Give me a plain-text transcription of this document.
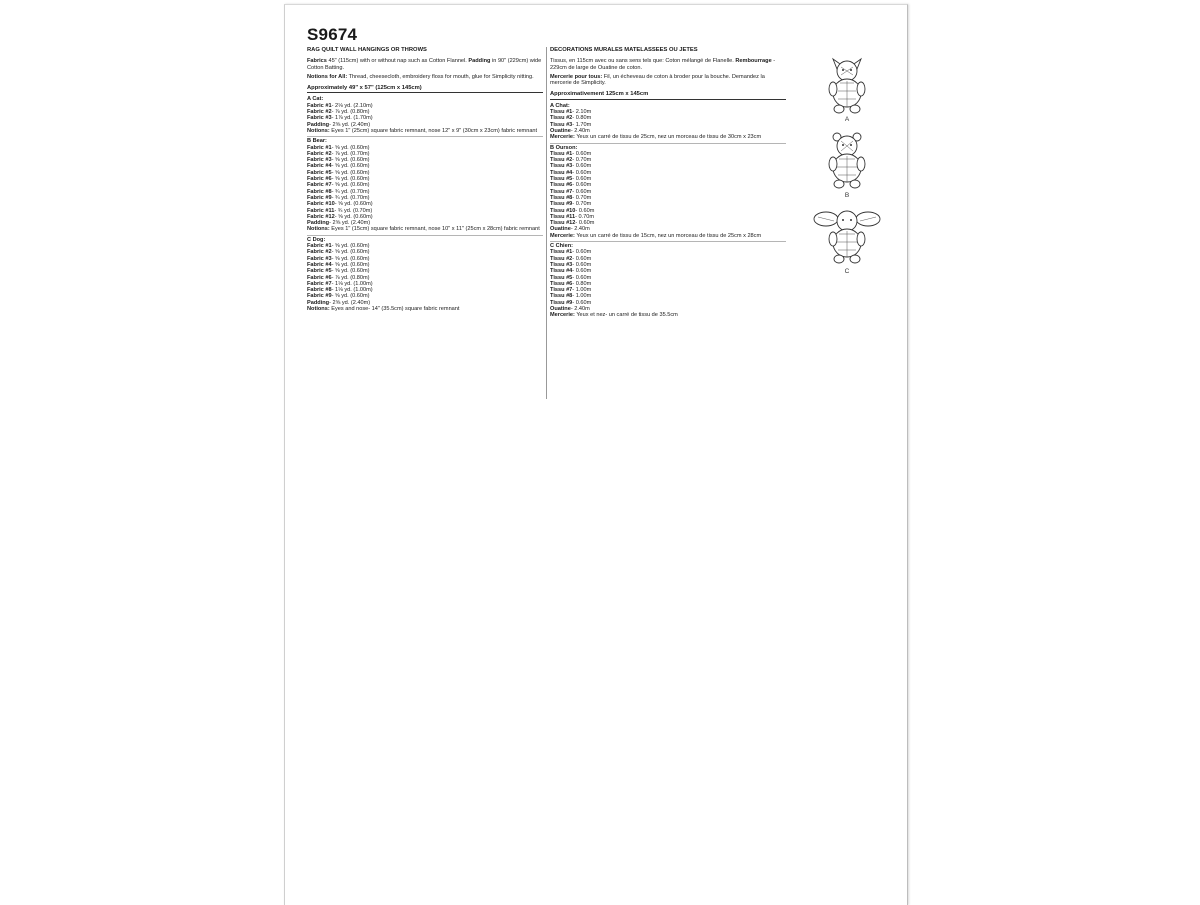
S9674
RAG QUILT WALL HANGINGS OR THROWS
Fabrics 45" (115cm) with or without nap such as Cotton Flannel. Padding in 90" (229cm) wide Cotton Batting.
Notions for All: Thread, cheesecloth, embroidery floss for mouth, glue for Simplicity nitting.
Approximately 49" x 57" (125cm x 145cm)
A Cat:
Fabric #1- 2⅛ yd. (2.10m)
Fabric #2- ⅞ yd. (0.80m)
Fabric #3- 1⅞ yd. (1.70m)
Padding- 2⅝ yd. (2.40m)
Notions: Eyes 1" (25cm) square fabric remnant, nose 12" x 9" (30cm x 23cm) fabric remnant
B Bear:
Fabric #1- ⅝ yd. (0.60m)
Fabric #2- ⅞ yd. (0.70m)
Fabric #3- ⅝ yd. (0.60m)
Fabric #4- ⅝ yd. (0.60m)
Fabric #5- ⅝ yd. (0.60m)
Fabric #6- ⅝ yd. (0.60m)
Fabric #7- ⅝ yd. (0.60m)
Fabric #8- ¾ yd. (0.70m)
Fabric #9- ¾ yd. (0.70m)
Fabric #10- ⅝ yd. (0.60m)
Fabric #11- ¾ yd. (0.70m)
Fabric #12- ⅝ yd. (0.60m)
Padding- 2⅝ yd. (2.40m)
Notions: Eyes 1" (15cm) square fabric remnant, nose 10" x 11" (25cm x 28cm) fabric remnant
C Dog:
Fabric #1- ⅝ yd. (0.60m)
Fabric #2- ⅝ yd. (0.60m)
Fabric #3- ⅝ yd. (0.60m)
Fabric #4- ⅝ yd. (0.60m)
Fabric #5- ⅝ yd. (0.60m)
Fabric #6- ⅞ yd. (0.80m)
Fabric #7- 1⅛ yd. (1.00m)
Fabric #8- 1⅛ yd. (1.00m)
Fabric #9- ⅝ yd. (0.60m)
Padding- 2⅝ yd. (2.40m)
Notions: Eyes and nose- 14" (35.5cm) square fabric remnant
DECORATIONS MURALES MATELASSEES OU JETES
Tissus, en 115cm avec ou sans sens tels que: Coton mélangé de Flanelle. Rembourrage - 229cm de large de Ouatine de coton.
Mercerie pour tous: Fil, un écheveau de coton à broder pour la bouche. Demandez la mercerie de Simplicity.
Approximativement 125cm x 145cm
A Chat:
Tissu #1- 2.10m
Tissu #2- 0.80m
Tissu #3- 1.70m
Ouatine- 2.40m
Mercerie: Yeux un carré de tissu de 25cm, nez un morceau de tissu de 30cm x 23cm
B Ourson:
Tissu #1- 0.60m
Tissu #2- 0.70m
Tissu #3- 0.60m
Tissu #4- 0.60m
Tissu #5- 0.60m
Tissu #6- 0.60m
Tissu #7- 0.60m
Tissu #8- 0.70m
Tissu #9- 0.70m
Tissu #10- 0.60m
Tissu #11- 0.70m
Tissu #12- 0.60m
Ouatine- 2.40m
Mercerie: Yeux un carré de tissu de 15cm, nez un morceau de tissu de 25cm x 28cm
C Chien:
Tissu #1- 0.60m
Tissu #2- 0.60m
Tissu #3- 0.60m
Tissu #4- 0.60m
Tissu #5- 0.60m
Tissu #6- 0.80m
Tissu #7- 1.00m
Tissu #8- 1.00m
Tissu #9- 0.60m
Ouatine- 2.40m
Mercerie: Yeux et nez- un carré de tissu de 35.5cm
A
B
C
